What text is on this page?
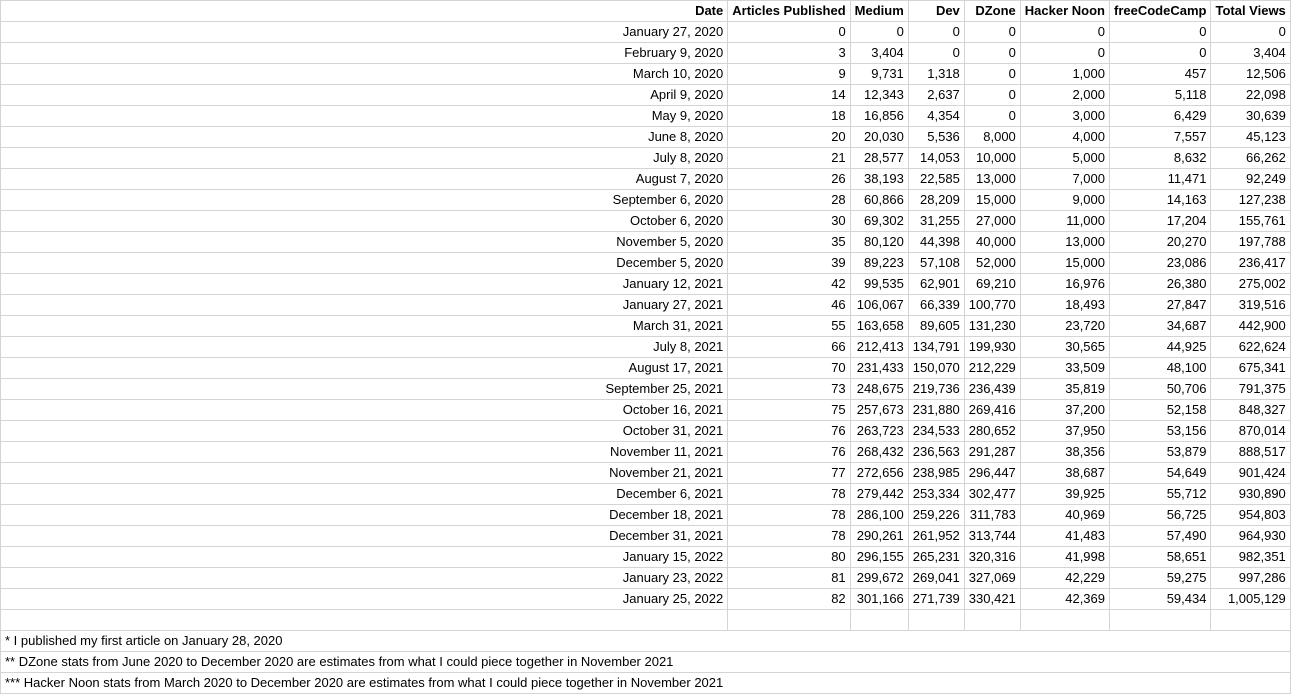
Date	Articles Published	Medium	Dev	DZone	Hacker Noon	freeCodeCamp	Total Views
January 27, 2020	0	0	0	0	0	0	0
February 9, 2020	3	3,404	0	0	0	0	3,404
March 10, 2020	9	9,731	1,318	0	1,000	457	12,506
April 9, 2020	14	12,343	2,637	0	2,000	5,118	22,098
May 9, 2020	18	16,856	4,354	0	3,000	6,429	30,639
June 8, 2020	20	20,030	5,536	8,000	4,000	7,557	45,123
July 8, 2020	21	28,577	14,053	10,000	5,000	8,632	66,262
August 7, 2020	26	38,193	22,585	13,000	7,000	11,471	92,249
September 6, 2020	28	60,866	28,209	15,000	9,000	14,163	127,238
October 6, 2020	30	69,302	31,255	27,000	11,000	17,204	155,761
November 5, 2020	35	80,120	44,398	40,000	13,000	20,270	197,788
December 5, 2020	39	89,223	57,108	52,000	15,000	23,086	236,417
January 12, 2021	42	99,535	62,901	69,210	16,976	26,380	275,002
January 27, 2021	46	106,067	66,339	100,770	18,493	27,847	319,516
March 31, 2021	55	163,658	89,605	131,230	23,720	34,687	442,900
July 8, 2021	66	212,413	134,791	199,930	30,565	44,925	622,624
August 17, 2021	70	231,433	150,070	212,229	33,509	48,100	675,341
September 25, 2021	73	248,675	219,736	236,439	35,819	50,706	791,375
October 16, 2021	75	257,673	231,880	269,416	37,200	52,158	848,327
October 31, 2021	76	263,723	234,533	280,652	37,950	53,156	870,014
November 11, 2021	76	268,432	236,563	291,287	38,356	53,879	888,517
November 21, 2021	77	272,656	238,985	296,447	38,687	54,649	901,424
December 6, 2021	78	279,442	253,334	302,477	39,925	55,712	930,890
December 18, 2021	78	286,100	259,226	311,783	40,969	56,725	954,803
December 31, 2021	78	290,261	261,952	313,744	41,483	57,490	964,930
January 15, 2022	80	296,155	265,231	320,316	41,998	58,651	982,351
January 23, 2022	81	299,672	269,041	327,069	42,229	59,275	997,286
January 25, 2022	82	301,166	271,739	330,421	42,369	59,434	1,005,129

* I published my first article on January 28, 2020							
** DZone stats from June 2020 to December 2020 are estimates from what I could piece together in November 2021							
*** Hacker Noon stats from March 2020 to December 2020 are estimates from what I could piece together in November 2021							
